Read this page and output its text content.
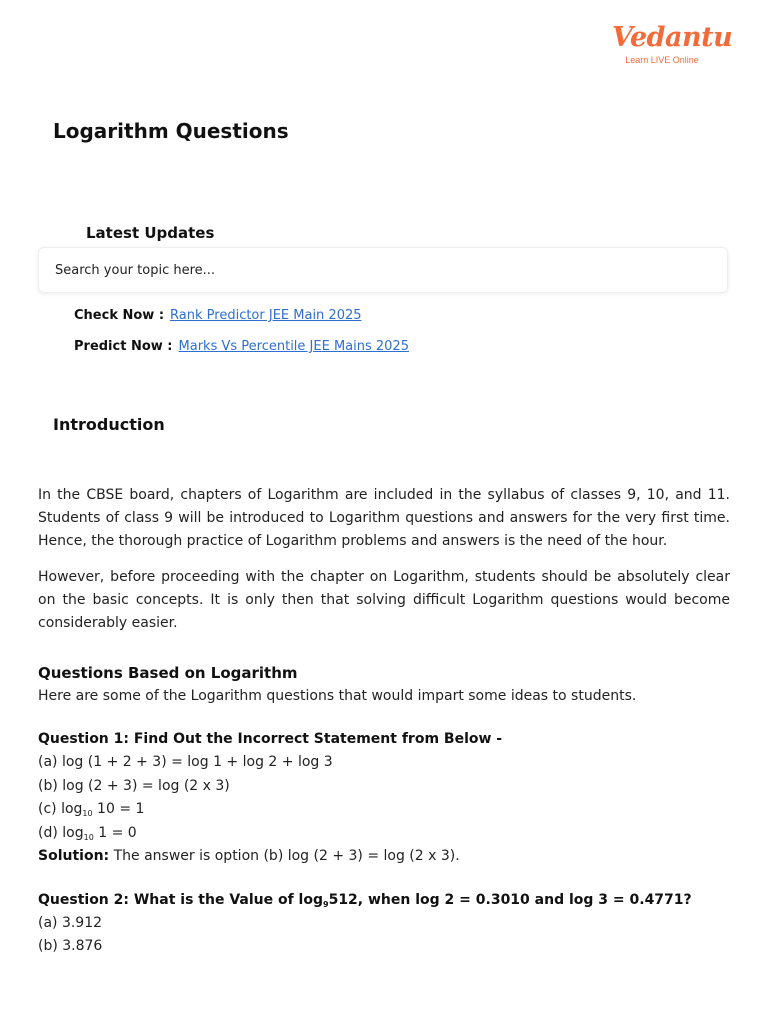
Vedantu
Learn LIVE Online
Logarithm Questions
Latest Updates
Search your topic here...
Check Now : Rank Predictor JEE Main 2025
Predict Now : Marks Vs Percentile JEE Mains 2025
Introduction

In the CBSE board, chapters of Logarithm are included in the syllabus of classes 9, 10, and 11. Students of class 9 will be introduced to Logarithm questions and answers for the very first time. Hence, the thorough practice of Logarithm problems and answers is the need of the hour.

However, before proceeding with the chapter on Logarithm, students should be absolutely clear on the basic concepts. It is only then that solving difficult Logarithm questions would become considerably easier.

Questions Based on Logarithm

Here are some of the Logarithm questions that would impart some ideas to students.

Question 1: Find Out the Incorrect Statement from Below -
(a) log (1 + 2 + 3) = log 1 + log 2 + log 3
(b) log (2 + 3) = log (2 x 3)
(c) $\log_{10} 10 = 1$
(d) $\log_{10} 1 = 0$
Solution: The answer is option (b) log (2 + 3) = log (2 x 3).
Question 2: What is the Value of $\log_9512$, when log 2 = 0.3010 and log 3 = 0.4771?
(a) 3.912
(b) 3.876
